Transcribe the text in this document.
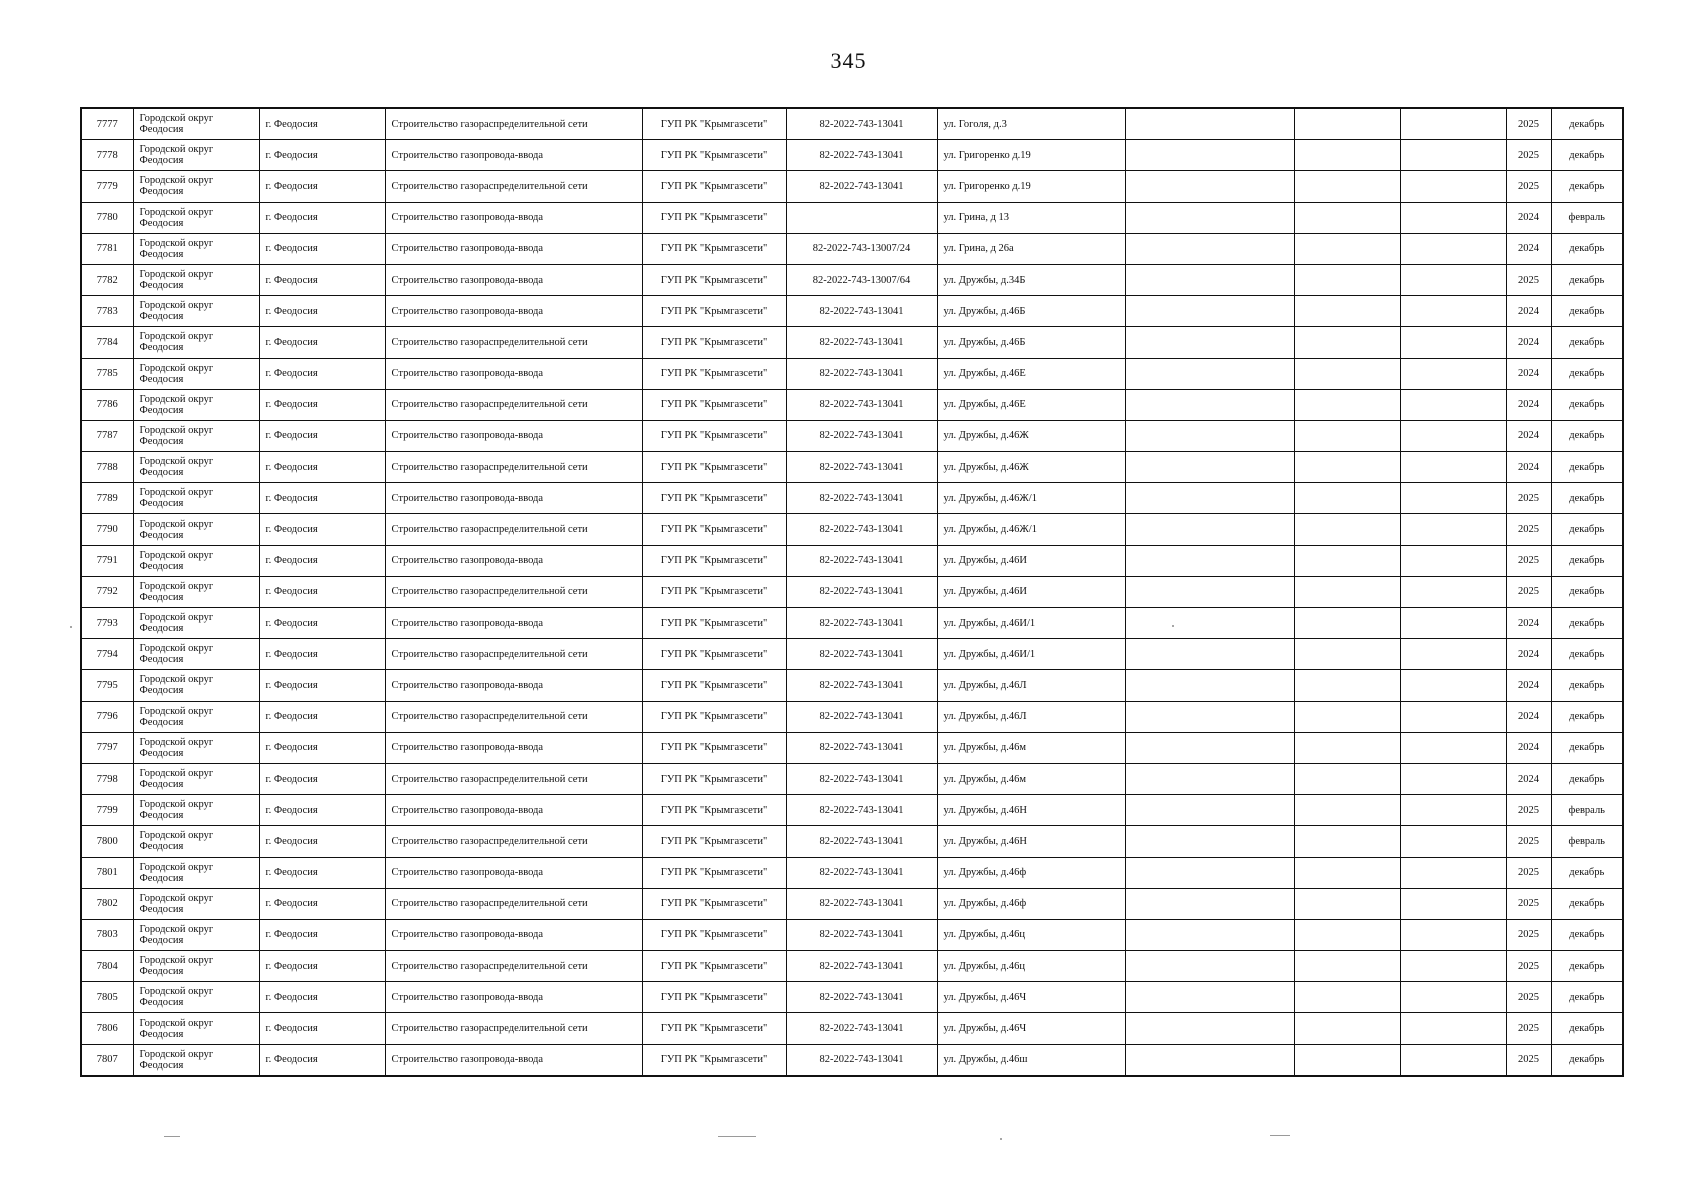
345
7777	Городской округ Феодосия	г. Феодосия	Строительство газораспределительной сети	ГУП РК "Крымгазсети"	82-2022-743-13041	ул. Гоголя, д.3				2025	декабрь
7778	Городской округ Феодосия	г. Феодосия	Строительство газопровода-ввода	ГУП РК "Крымгазсети"	82-2022-743-13041	ул. Григоренко д.19				2025	декабрь
7779	Городской округ Феодосия	г. Феодосия	Строительство газораспределительной сети	ГУП РК "Крымгазсети"	82-2022-743-13041	ул. Григоренко д.19				2025	декабрь
7780	Городской округ Феодосия	г. Феодосия	Строительство газопровода-ввода	ГУП РК "Крымгазсети"		ул. Грина, д 13				2024	февраль
7781	Городской округ Феодосия	г. Феодосия	Строительство газопровода-ввода	ГУП РК "Крымгазсети"	82-2022-743-13007/24	ул. Грина, д 26а				2024	декабрь
7782	Городской округ Феодосия	г. Феодосия	Строительство газопровода-ввода	ГУП РК "Крымгазсети"	82-2022-743-13007/64	ул. Дружбы, д.34Б				2025	декабрь
7783	Городской округ Феодосия	г. Феодосия	Строительство газопровода-ввода	ГУП РК "Крымгазсети"	82-2022-743-13041	ул. Дружбы, д.46Б				2024	декабрь
7784	Городской округ Феодосия	г. Феодосия	Строительство газораспределительной сети	ГУП РК "Крымгазсети"	82-2022-743-13041	ул. Дружбы, д.46Б				2024	декабрь
7785	Городской округ Феодосия	г. Феодосия	Строительство газопровода-ввода	ГУП РК "Крымгазсети"	82-2022-743-13041	ул. Дружбы, д.46Е				2024	декабрь
7786	Городской округ Феодосия	г. Феодосия	Строительство газораспределительной сети	ГУП РК "Крымгазсети"	82-2022-743-13041	ул. Дружбы, д.46Е				2024	декабрь
7787	Городской округ Феодосия	г. Феодосия	Строительство газопровода-ввода	ГУП РК "Крымгазсети"	82-2022-743-13041	ул. Дружбы, д.46Ж				2024	декабрь
7788	Городской округ Феодосия	г. Феодосия	Строительство газораспределительной сети	ГУП РК "Крымгазсети"	82-2022-743-13041	ул. Дружбы, д.46Ж				2024	декабрь
7789	Городской округ Феодосия	г. Феодосия	Строительство газопровода-ввода	ГУП РК "Крымгазсети"	82-2022-743-13041	ул. Дружбы, д.46Ж/1				2025	декабрь
7790	Городской округ Феодосия	г. Феодосия	Строительство газораспределительной сети	ГУП РК "Крымгазсети"	82-2022-743-13041	ул. Дружбы, д.46Ж/1				2025	декабрь
7791	Городской округ Феодосия	г. Феодосия	Строительство газопровода-ввода	ГУП РК "Крымгазсети"	82-2022-743-13041	ул. Дружбы, д.46И				2025	декабрь
7792	Городской округ Феодосия	г. Феодосия	Строительство газораспределительной сети	ГУП РК "Крымгазсети"	82-2022-743-13041	ул. Дружбы, д.46И				2025	декабрь
7793	Городской округ Феодосия	г. Феодосия	Строительство газопровода-ввода	ГУП РК "Крымгазсети"	82-2022-743-13041	ул. Дружбы, д.46И/1				2024	декабрь
7794	Городской округ Феодосия	г. Феодосия	Строительство газораспределительной сети	ГУП РК "Крымгазсети"	82-2022-743-13041	ул. Дружбы, д.46И/1				2024	декабрь
7795	Городской округ Феодосия	г. Феодосия	Строительство газопровода-ввода	ГУП РК "Крымгазсети"	82-2022-743-13041	ул. Дружбы, д.46Л				2024	декабрь
7796	Городской округ Феодосия	г. Феодосия	Строительство газораспределительной сети	ГУП РК "Крымгазсети"	82-2022-743-13041	ул. Дружбы, д.46Л				2024	декабрь
7797	Городской округ Феодосия	г. Феодосия	Строительство газопровода-ввода	ГУП РК "Крымгазсети"	82-2022-743-13041	ул. Дружбы, д.46м				2024	декабрь
7798	Городской округ Феодосия	г. Феодосия	Строительство газораспределительной сети	ГУП РК "Крымгазсети"	82-2022-743-13041	ул. Дружбы, д.46м				2024	декабрь
7799	Городской округ Феодосия	г. Феодосия	Строительство газопровода-ввода	ГУП РК "Крымгазсети"	82-2022-743-13041	ул. Дружбы, д.46Н				2025	февраль
7800	Городской округ Феодосия	г. Феодосия	Строительство газораспределительной сети	ГУП РК "Крымгазсети"	82-2022-743-13041	ул. Дружбы, д.46Н				2025	февраль
7801	Городской округ Феодосия	г. Феодосия	Строительство газопровода-ввода	ГУП РК "Крымгазсети"	82-2022-743-13041	ул. Дружбы, д.46ф				2025	декабрь
7802	Городской округ Феодосия	г. Феодосия	Строительство газораспределительной сети	ГУП РК "Крымгазсети"	82-2022-743-13041	ул. Дружбы, д.46ф				2025	декабрь
7803	Городской округ Феодосия	г. Феодосия	Строительство газопровода-ввода	ГУП РК "Крымгазсети"	82-2022-743-13041	ул. Дружбы, д.46ц				2025	декабрь
7804	Городской округ Феодосия	г. Феодосия	Строительство газораспределительной сети	ГУП РК "Крымгазсети"	82-2022-743-13041	ул. Дружбы, д.46ц				2025	декабрь
7805	Городской округ Феодосия	г. Феодосия	Строительство газопровода-ввода	ГУП РК "Крымгазсети"	82-2022-743-13041	ул. Дружбы, д.46Ч				2025	декабрь
7806	Городской округ Феодосия	г. Феодосия	Строительство газораспределительной сети	ГУП РК "Крымгазсети"	82-2022-743-13041	ул. Дружбы, д.46Ч				2025	декабрь
7807	Городской округ Феодосия	г. Феодосия	Строительство газопровода-ввода	ГУП РК "Крымгазсети"	82-2022-743-13041	ул. Дружбы, д.46ш				2025	декабрь
